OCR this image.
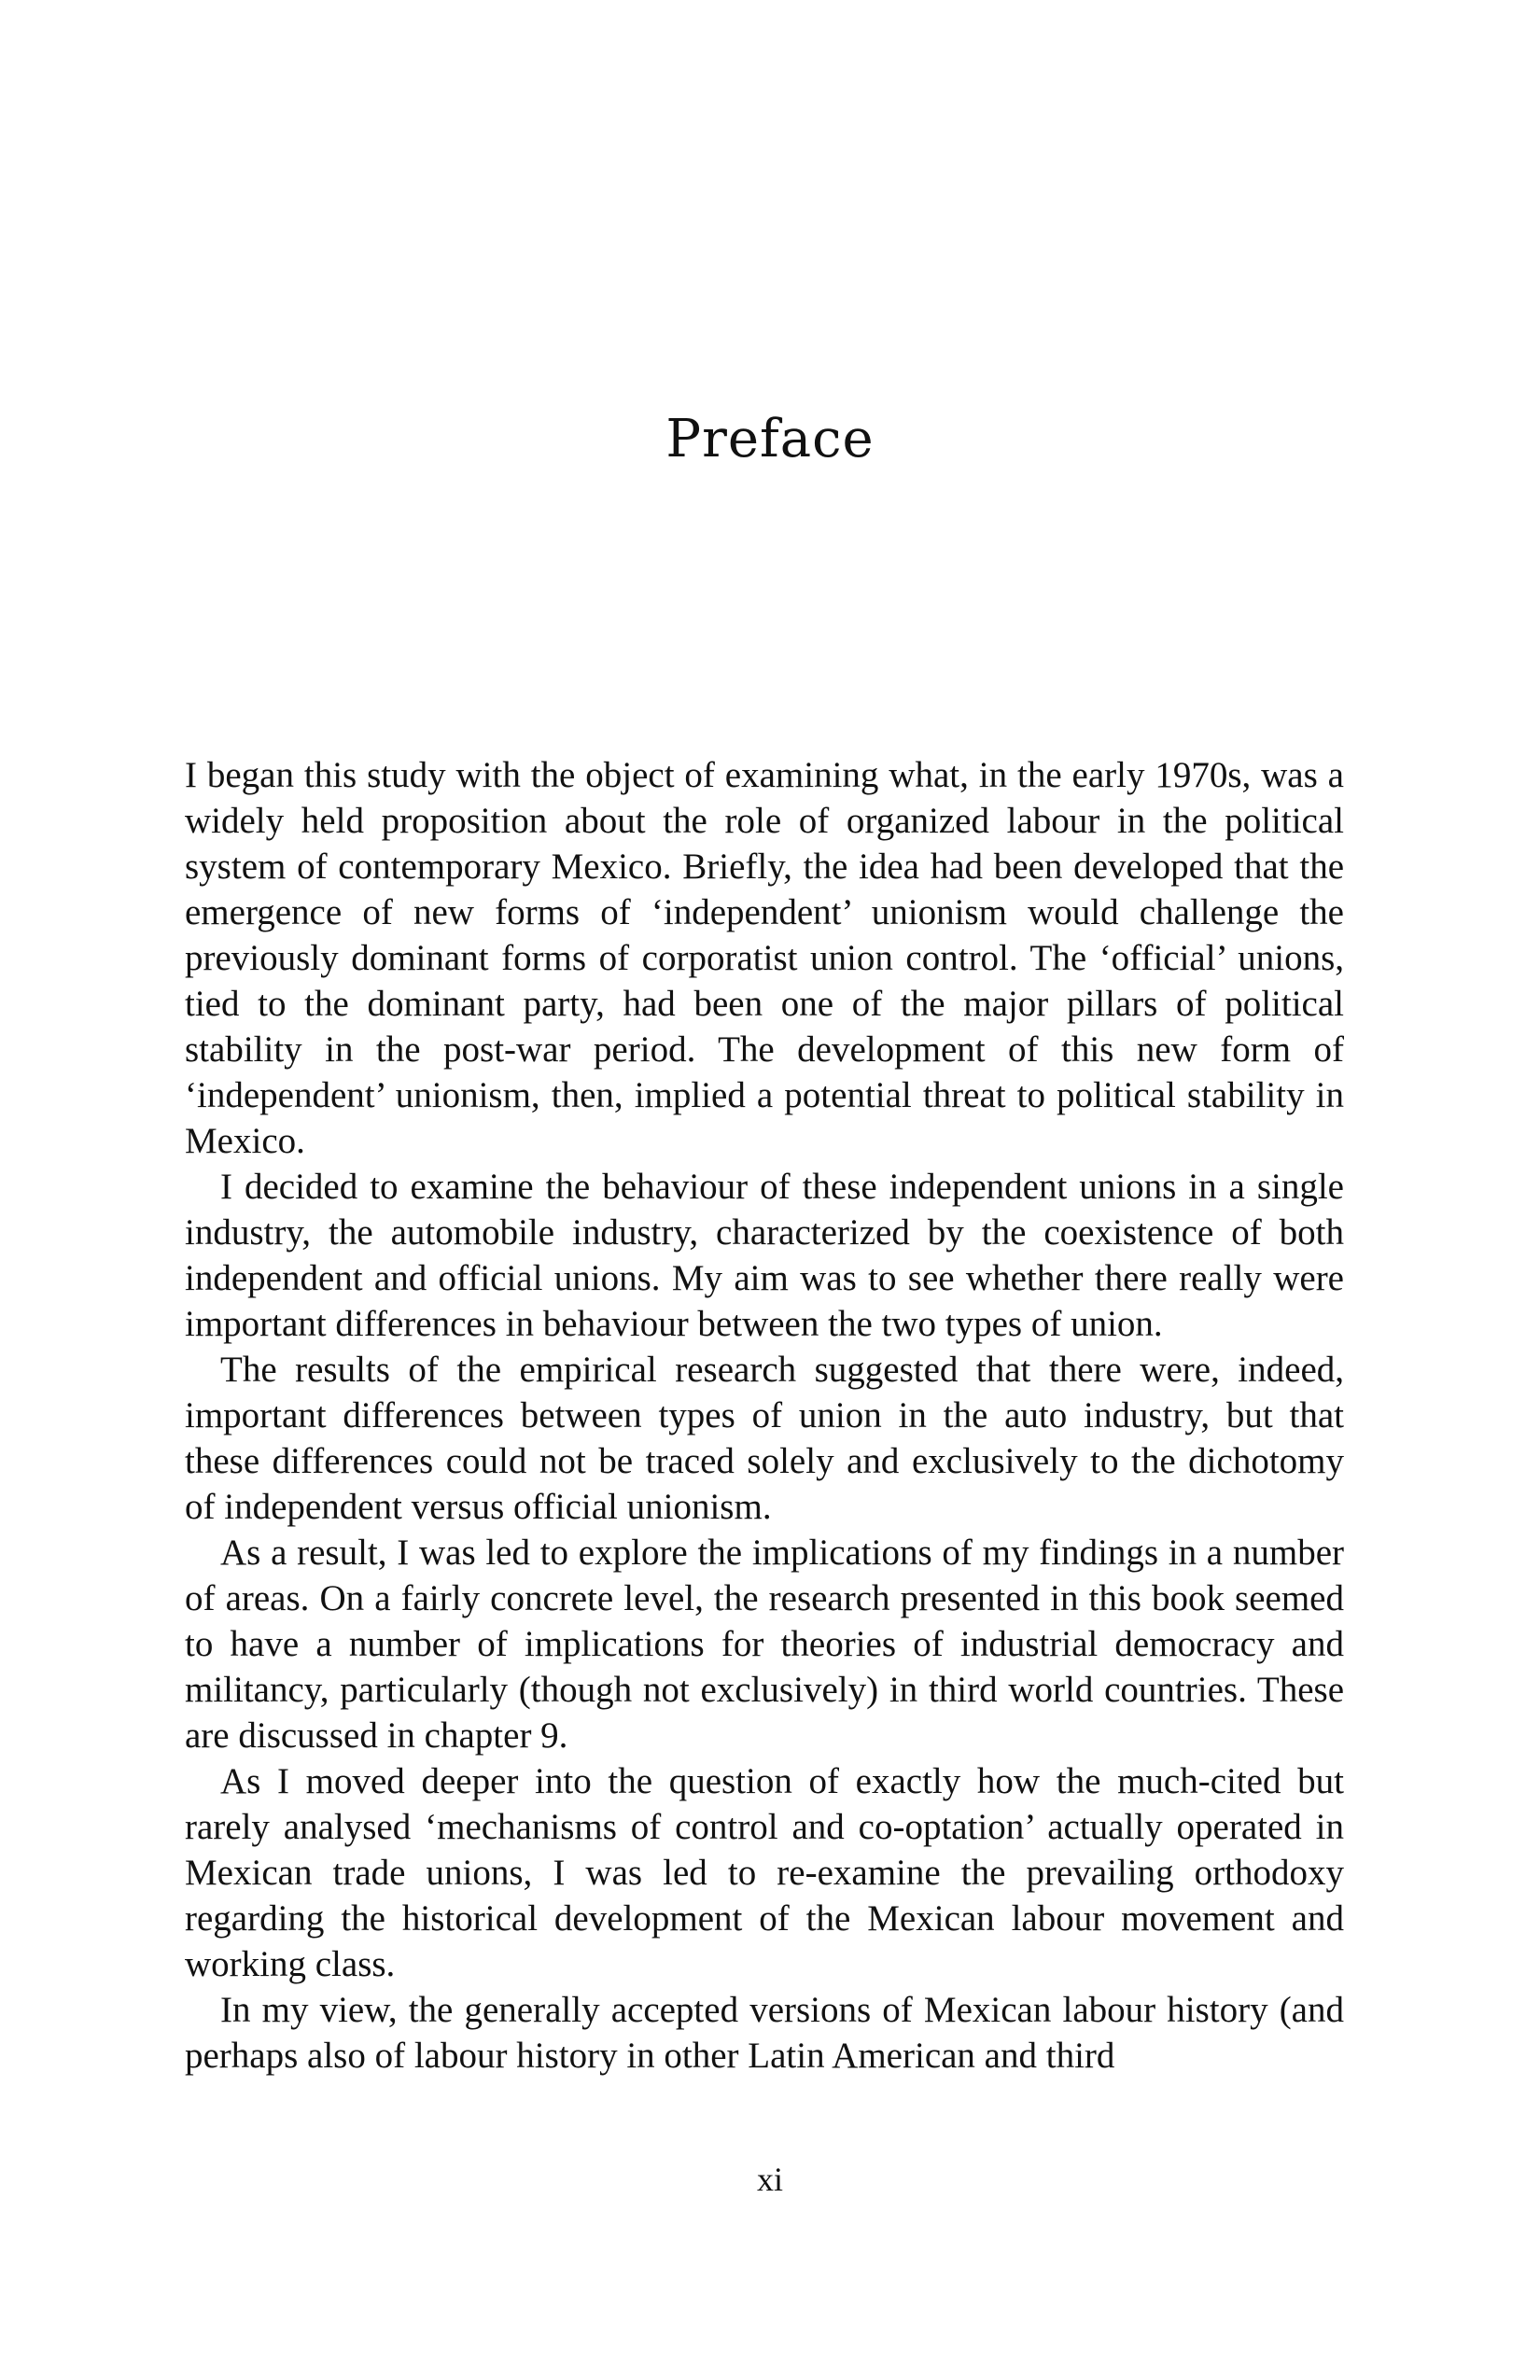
Preface

I began this study with the object of examining what, in the early 1970s, was a widely held proposition about the role of organized labour in the political system of contemporary Mexico. Briefly, the idea had been developed that the emergence of new forms of ‘independent’ unionism would challenge the previously dominant forms of corporatist union control. The ‘official’ unions, tied to the dominant party, had been one of the major pillars of political stability in the post-war period. The development of this new form of ‘independent’ unionism, then, implied a potential threat to political stability in Mexico.

I decided to examine the behaviour of these independent unions in a single industry, the automobile industry, characterized by the coexistence of both independent and official unions. My aim was to see whether there really were important differences in behaviour between the two types of union.

The results of the empirical research suggested that there were, indeed, important differences between types of union in the auto industry, but that these differences could not be traced solely and exclusively to the dichotomy of independent versus official unionism.

As a result, I was led to explore the implications of my findings in a number of areas. On a fairly concrete level, the research presented in this book seemed to have a number of implications for theories of industrial democracy and militancy, particularly (though not exclusively) in third world countries. These are discussed in chapter 9.

As I moved deeper into the question of exactly how the much-cited but rarely analysed ‘mechanisms of control and co-optation’ actually operated in Mexican trade unions, I was led to re-examine the prevailing orthodoxy regarding the historical development of the Mexican labour movement and working class.

In my view, the generally accepted versions of Mexican labour history (and perhaps also of labour history in other Latin American and third

xi
